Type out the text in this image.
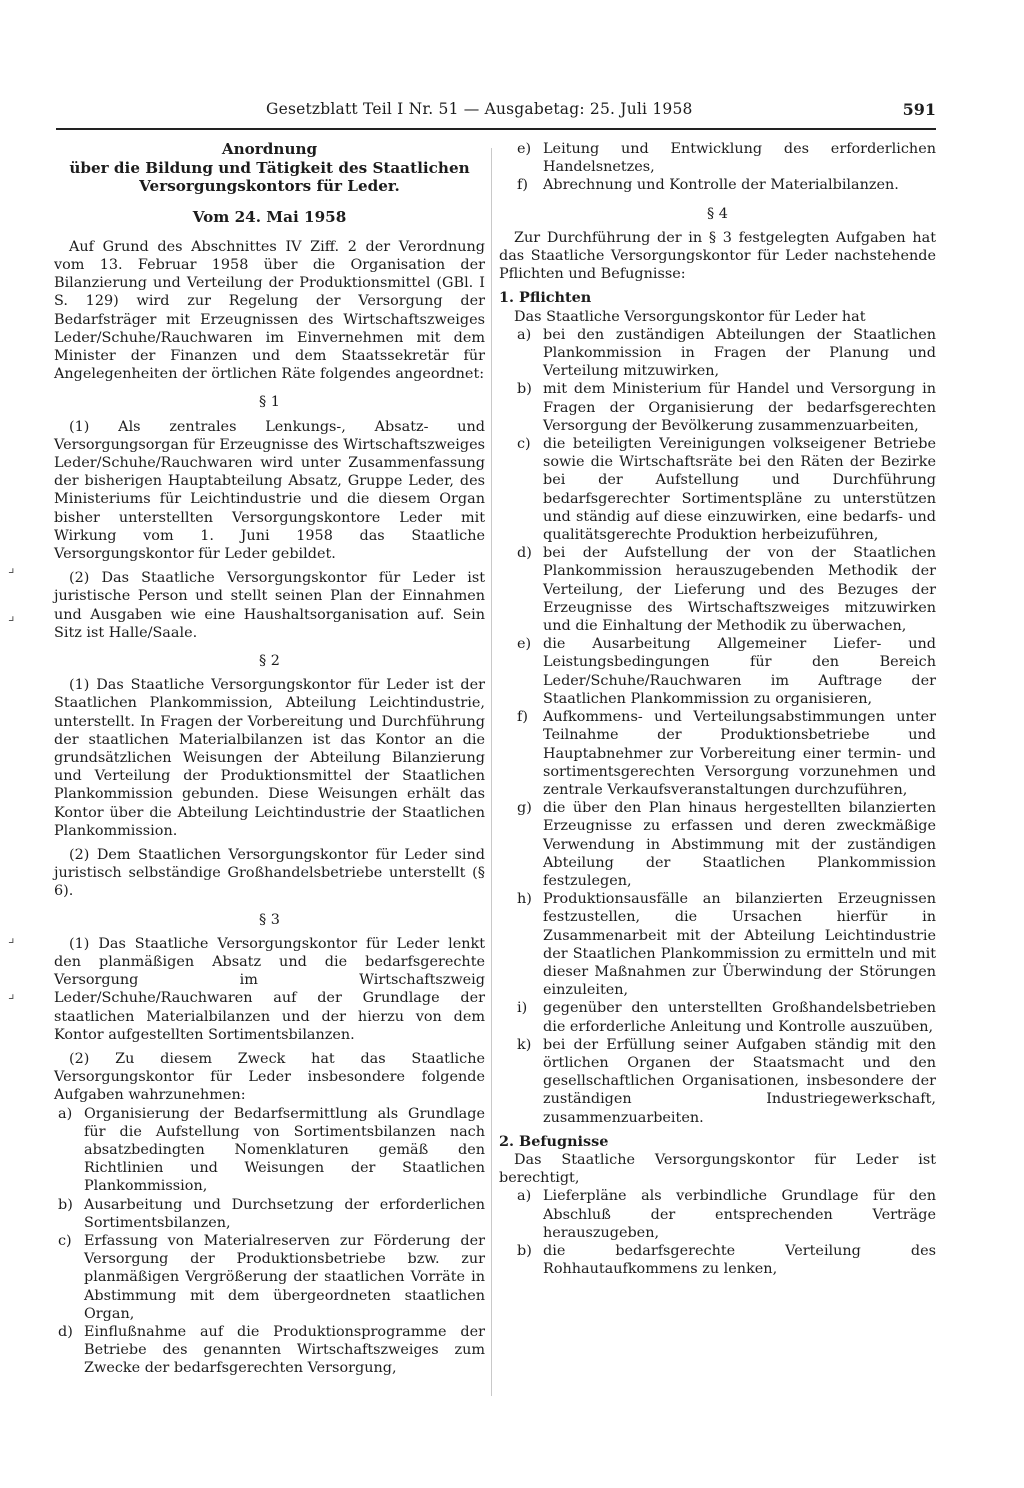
Gesetzblatt Teil I Nr. 51 — Ausgabetag: 25. Juli 1958	591
⌟
⌟
⌟
⌟

Anordnung

über die Bildung und Tätigkeit des Staatlichen

Versorgungskontors für Leder.

Vom 24. Mai 1958

Auf Grund des Abschnittes IV Ziff. 2 der Verordnung vom 13. Februar 1958 über die Organisation der Bilanzierung und Verteilung der Produktionsmittel (GBl. I S. 129) wird zur Regelung der Versorgung der Bedarfsträger mit Erzeugnissen des Wirtschaftszweiges Leder/Schuhe/Rauchwaren im Einvernehmen mit dem Minister der Finanzen und dem Staatssekretär für Angelegenheiten der örtlichen Räte folgendes angeordnet:

§ 1

(1) Als zentrales Lenkungs-, Absatz- und Versorgungsorgan für Erzeugnisse des Wirtschaftszweiges Leder/Schuhe/Rauchwaren wird unter Zusammenfassung der bisherigen Hauptabteilung Absatz, Gruppe Leder, des Ministeriums für Leichtindustrie und die diesem Organ bisher unterstellten Versorgungskontore Leder mit Wirkung vom 1. Juni 1958 das Staatliche Versorgungskontor für Leder gebildet.

(2) Das Staatliche Versorgungskontor für Leder ist juristische Person und stellt seinen Plan der Einnahmen und Ausgaben wie eine Haushaltsorganisation auf. Sein Sitz ist Halle/Saale.

§ 2

(1) Das Staatliche Versorgungskontor für Leder ist der Staatlichen Plankommission, Abteilung Leichtindustrie, unterstellt. In Fragen der Vorbereitung und Durchführung der staatlichen Materialbilanzen ist das Kontor an die grundsätzlichen Weisungen der Abteilung Bilanzierung und Verteilung der Produktionsmittel der Staatlichen Plankommission gebunden. Diese Weisungen erhält das Kontor über die Abteilung Leichtindustrie der Staatlichen Plankommission.

(2) Dem Staatlichen Versorgungskontor für Leder sind juristisch selbständige Großhandelsbetriebe unterstellt (§ 6).

§ 3

(1) Das Staatliche Versorgungskontor für Leder lenkt den planmäßigen Absatz und die bedarfsgerechte Versorgung im Wirtschaftszweig Leder/Schuhe/Rauchwaren auf der Grundlage der staatlichen Materialbilanzen und der hierzu von dem Kontor aufgestellten Sortimentsbilanzen.

(2) Zu diesem Zweck hat das Staatliche Versorgungskontor für Leder insbesondere folgende Aufgaben wahrzunehmen:

a) Organisierung der Bedarfsermittlung als Grundlage für die Aufstellung von Sortimentsbilanzen nach absatzbedingten Nomenklaturen gemäß den Richtlinien und Weisungen der Staatlichen Plankommission,
b) Ausarbeitung und Durchsetzung der erforderlichen Sortimentsbilanzen,
c) Erfassung von Materialreserven zur Förderung der Versorgung der Produktionsbetriebe bzw. zur planmäßigen Vergrößerung der staatlichen Vorräte in Abstimmung mit dem übergeordneten staatlichen Organ,
d) Einflußnahme auf die Produktionsprogramme der Betriebe des genannten Wirtschaftszweiges zum Zwecke der bedarfsgerechten Versorgung,
e) Leitung und Entwicklung des erforderlichen Handelsnetzes,
f)	Abrechnung und Kontrolle der Materialbilanzen.

§ 4

Zur Durchführung der in § 3 festgelegten Aufgaben hat das Staatliche Versorgungskontor für Leder nachstehende Pflichten und Befugnisse:

1. Pflichten

Das Staatliche Versorgungskontor für Leder hat

a) bei den zuständigen Abteilungen der Staatlichen Plankommission in Fragen der Planung und Verteilung mitzuwirken,
b) mit dem Ministerium für Handel und Versorgung in Fragen der Organisierung der bedarfsgerechten Versorgung der Bevölkerung zusammenzuarbeiten,
c) die beteiligten Vereinigungen volkseigener Betriebe sowie die Wirtschaftsräte bei den Räten der Bezirke bei der Aufstellung und Durchführung bedarfsgerechter Sortimentspläne zu unterstützen und ständig auf diese einzuwirken, eine bedarfs- und qualitätsgerechte Produktion herbeizuführen,
d) bei der Aufstellung der von der Staatlichen Plankommission herauszugebenden Methodik der Verteilung, der Lieferung und des Bezuges der Erzeugnisse des Wirtschaftszweiges mitzuwirken und die Einhaltung der Methodik zu überwachen,
e) die Ausarbeitung Allgemeiner Liefer- und Leistungsbedingungen für den Bereich Leder/Schuhe/Rauchwaren im Auftrage der Staatlichen Plankommission zu organisieren,
f)	Aufkommens- und Verteilungsabstimmungen unter Teilnahme der Produktionsbetriebe und Hauptabnehmer zur Vorbereitung einer termin- und sortimentsgerechten Versorgung vorzunehmen und zentrale Verkaufsveranstaltungen durchzuführen,
g) die über den Plan hinaus hergestellten bilanzierten Erzeugnisse zu erfassen und deren zweckmäßige Verwendung in Abstimmung mit der zuständigen Abteilung der Staatlichen Plankommission festzulegen,
h) Produktionsausfälle an bilanzierten Erzeugnissen festzustellen, die Ursachen hierfür in Zusammenarbeit mit der Abteilung Leichtindustrie der Staatlichen Plankommission zu ermitteln und mit dieser Maßnahmen zur Überwindung der Störungen einzuleiten,
i)	gegenüber den unterstellten Großhandelsbetrieben die erforderliche Anleitung und Kontrolle auszuüben,
k) bei der Erfüllung seiner Aufgaben ständig mit den örtlichen Organen der Staatsmacht und den gesellschaftlichen Organisationen, insbesondere der zuständigen Industriegewerkschaft, zusammenzuarbeiten.

2. Befugnisse

Das Staatliche Versorgungskontor für Leder ist berechtigt,

a) Lieferpläne als verbindliche Grundlage für den Abschluß der entsprechenden Verträge herauszugeben,
b) die bedarfsgerechte Verteilung des Rohhautaufkommens zu lenken,
